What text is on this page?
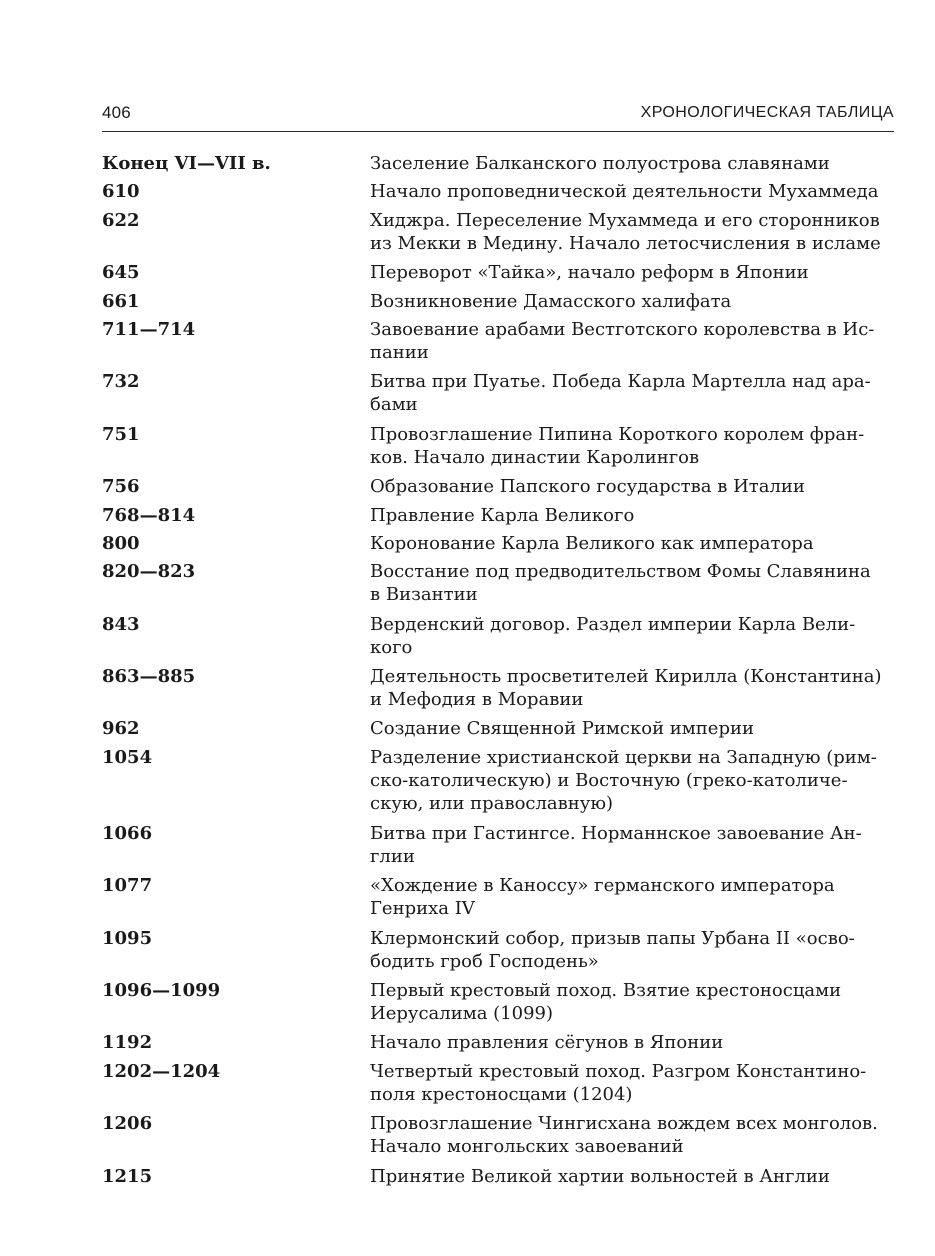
406	ХРОНОЛОГИЧЕСКАЯ ТАБЛИЦА
Конец VI—VII в.	Заселение Балканского полуострова славянами
610	Начало проповеднической деятельности Мухаммеда
622	Хиджра. Переселение Мухаммеда и его сторонников
из Мекки в Медину. Начало летосчисления в исламе
645	Переворот «Тайка», начало реформ в Японии
661	Возникновение Дамасского халифата
711—714	Завоевание арабами Вестготского королевства в Ис-
пании
732	Битва при Пуатье. Победа Карла Мартелла над ара-
бами
751	Провозглашение Пипина Короткого королем фран-
ков. Начало династии Каролингов
756	Образование Папского государства в Италии
768—814	Правление Карла Великого
800	Коронование Карла Великого как императора
820—823	Восстание под предводительством Фомы Славянина
в Византии
843	Верденский договор. Раздел империи Карла Вели-
кого
863—885	Деятельность просветителей Кирилла (Константина)
и Мефодия в Моравии
962	Создание Священной Римской империи
1054	Разделение христианской церкви на Западную (рим-
ско-католическую) и Восточную (греко-католиче-
скую, или православную)
1066	Битва при Гастингсе. Норманнское завоевание Ан-
глии
1077	«Хождение в Каноссу» германского императора
Генриха IV
1095	Клермонский собор, призыв папы Урбана II «осво-
бодить гроб Господень»
1096—1099	Первый крестовый поход. Взятие крестоносцами
Иерусалима (1099)
1192	Начало правления сёгунов в Японии
1202—1204	Четвертый крестовый поход. Разгром Константино-
поля крестоносцами (1204)
1206	Провозглашение Чингисхана вождем всех монголов.
Начало монгольских завоеваний
1215	Принятие Великой хартии вольностей в Англии
